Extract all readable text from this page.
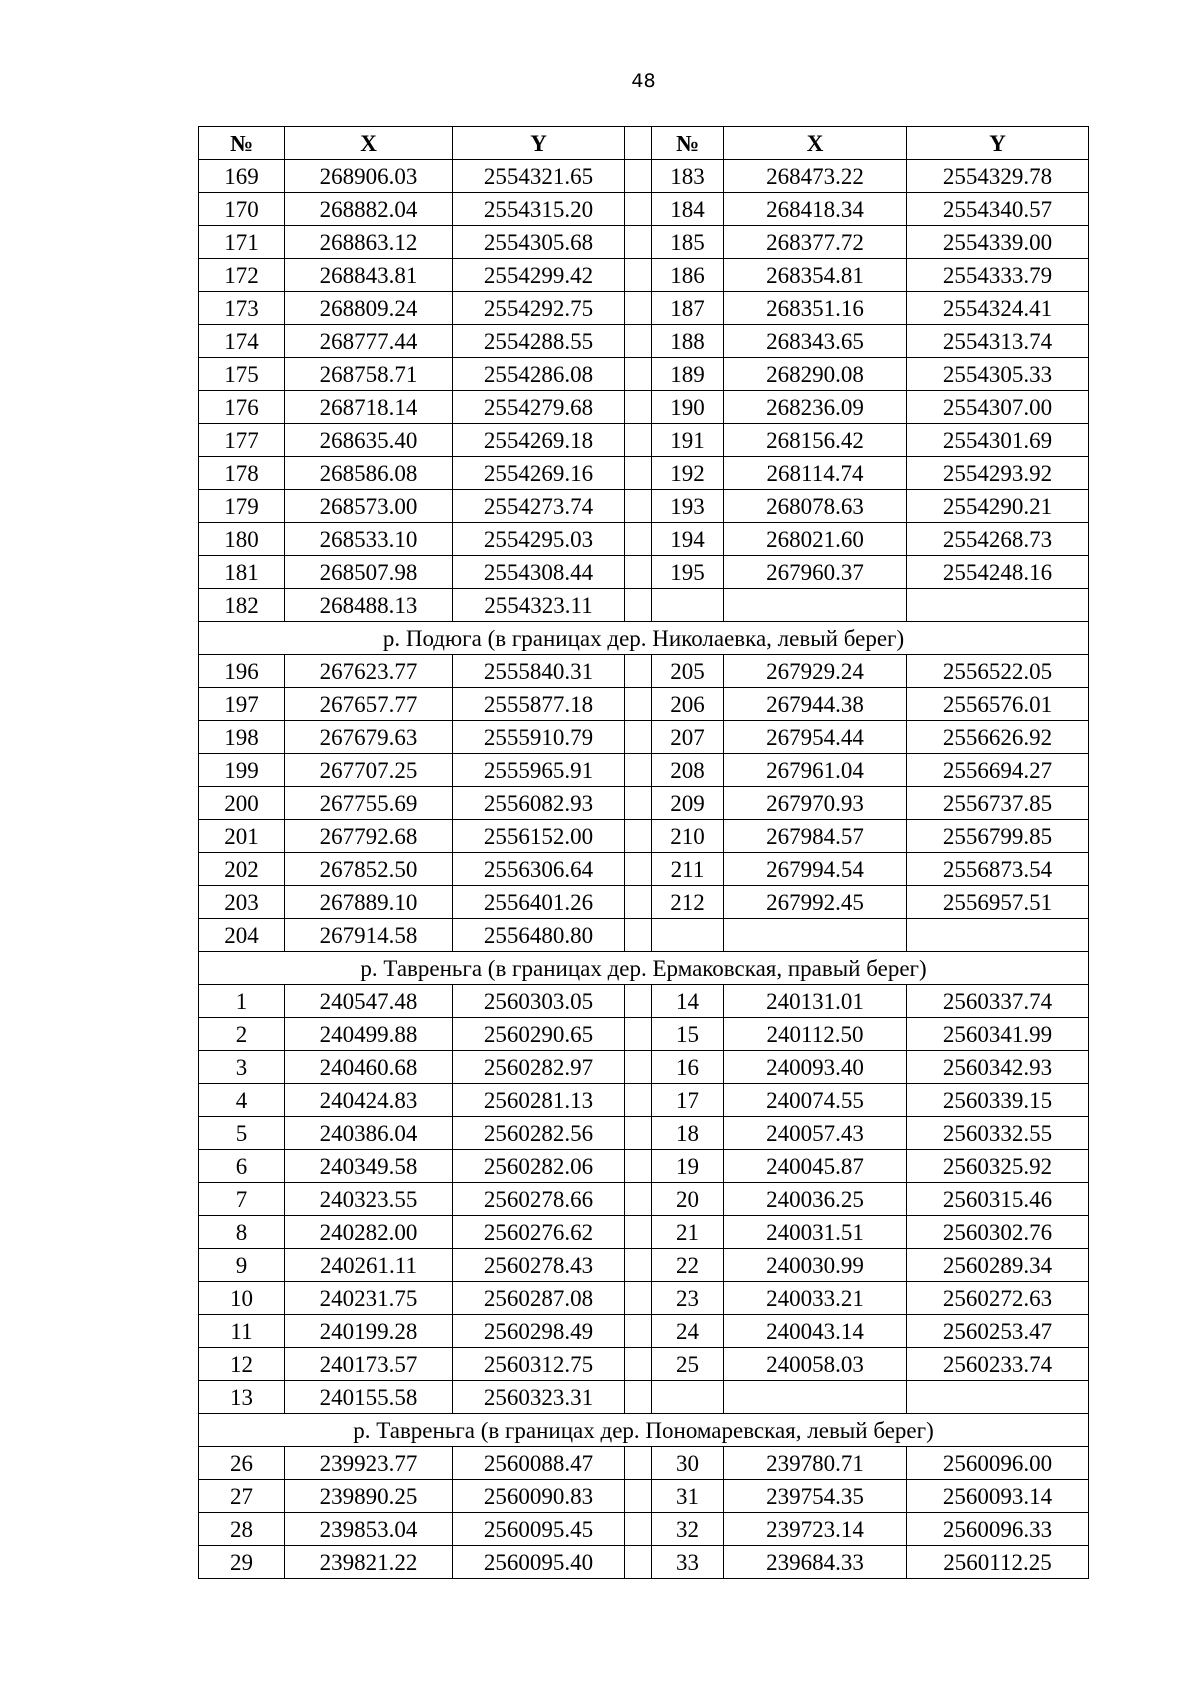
48
№	X	Y		№	X	Y
169	268906.03	2554321.65		183	268473.22	2554329.78
170	268882.04	2554315.20		184	268418.34	2554340.57
171	268863.12	2554305.68		185	268377.72	2554339.00
172	268843.81	2554299.42		186	268354.81	2554333.79
173	268809.24	2554292.75		187	268351.16	2554324.41
174	268777.44	2554288.55		188	268343.65	2554313.74
175	268758.71	2554286.08		189	268290.08	2554305.33
176	268718.14	2554279.68		190	268236.09	2554307.00
177	268635.40	2554269.18		191	268156.42	2554301.69
178	268586.08	2554269.16		192	268114.74	2554293.92
179	268573.00	2554273.74		193	268078.63	2554290.21
180	268533.10	2554295.03		194	268021.60	2554268.73
181	268507.98	2554308.44		195	267960.37	2554248.16
182	268488.13	2554323.11				
р. Подюга (в границах дер. Николаевка, левый берег)						
196	267623.77	2555840.31		205	267929.24	2556522.05
197	267657.77	2555877.18		206	267944.38	2556576.01
198	267679.63	2555910.79		207	267954.44	2556626.92
199	267707.25	2555965.91		208	267961.04	2556694.27
200	267755.69	2556082.93		209	267970.93	2556737.85
201	267792.68	2556152.00		210	267984.57	2556799.85
202	267852.50	2556306.64		211	267994.54	2556873.54
203	267889.10	2556401.26		212	267992.45	2556957.51
204	267914.58	2556480.80				
р. Тавреньга (в границах дер. Ермаковская, правый берег)						
1	240547.48	2560303.05		14	240131.01	2560337.74
2	240499.88	2560290.65		15	240112.50	2560341.99
3	240460.68	2560282.97		16	240093.40	2560342.93
4	240424.83	2560281.13		17	240074.55	2560339.15
5	240386.04	2560282.56		18	240057.43	2560332.55
6	240349.58	2560282.06		19	240045.87	2560325.92
7	240323.55	2560278.66		20	240036.25	2560315.46
8	240282.00	2560276.62		21	240031.51	2560302.76
9	240261.11	2560278.43		22	240030.99	2560289.34
10	240231.75	2560287.08		23	240033.21	2560272.63
11	240199.28	2560298.49		24	240043.14	2560253.47
12	240173.57	2560312.75		25	240058.03	2560233.74
13	240155.58	2560323.31				
р. Тавреньга (в границах дер. Пономаревская, левый берег)						
26	239923.77	2560088.47		30	239780.71	2560096.00
27	239890.25	2560090.83		31	239754.35	2560093.14
28	239853.04	2560095.45		32	239723.14	2560096.33
29	239821.22	2560095.40		33	239684.33	2560112.25
